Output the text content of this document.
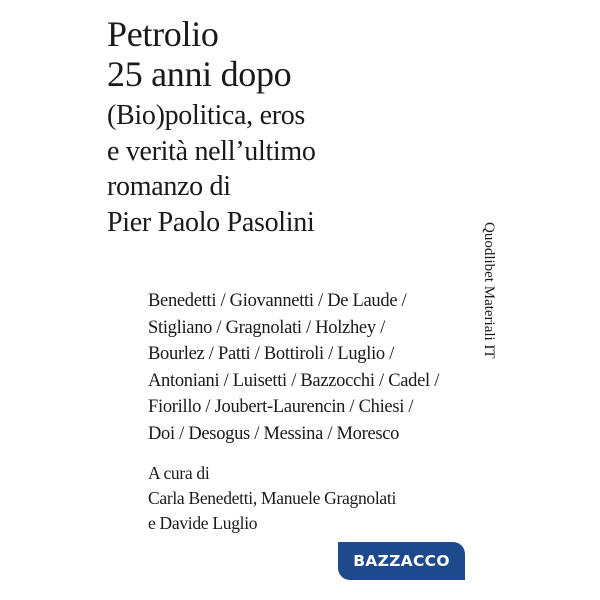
Petrolio
25 anni dopo
(Bio)politica, eros
e verità nell’ultimo
romanzo di
Pier Paolo Pasolini
Benedetti / Giovannetti / De Laude /
Stigliano / Gragnolati / Holzhey /
Bourlez / Patti / Bottiroli / Luglio /
Antoniani / Luisetti / Bazzocchi / Cadel /
Fiorillo / Joubert-Laurencin / Chiesi /
Doi / Desogus / Messina / Moresco
A cura di
Carla Benedetti, Manuele Gragnolati
e Davide Luglio
Quodlibet Materiali IT
BAZZACCO
